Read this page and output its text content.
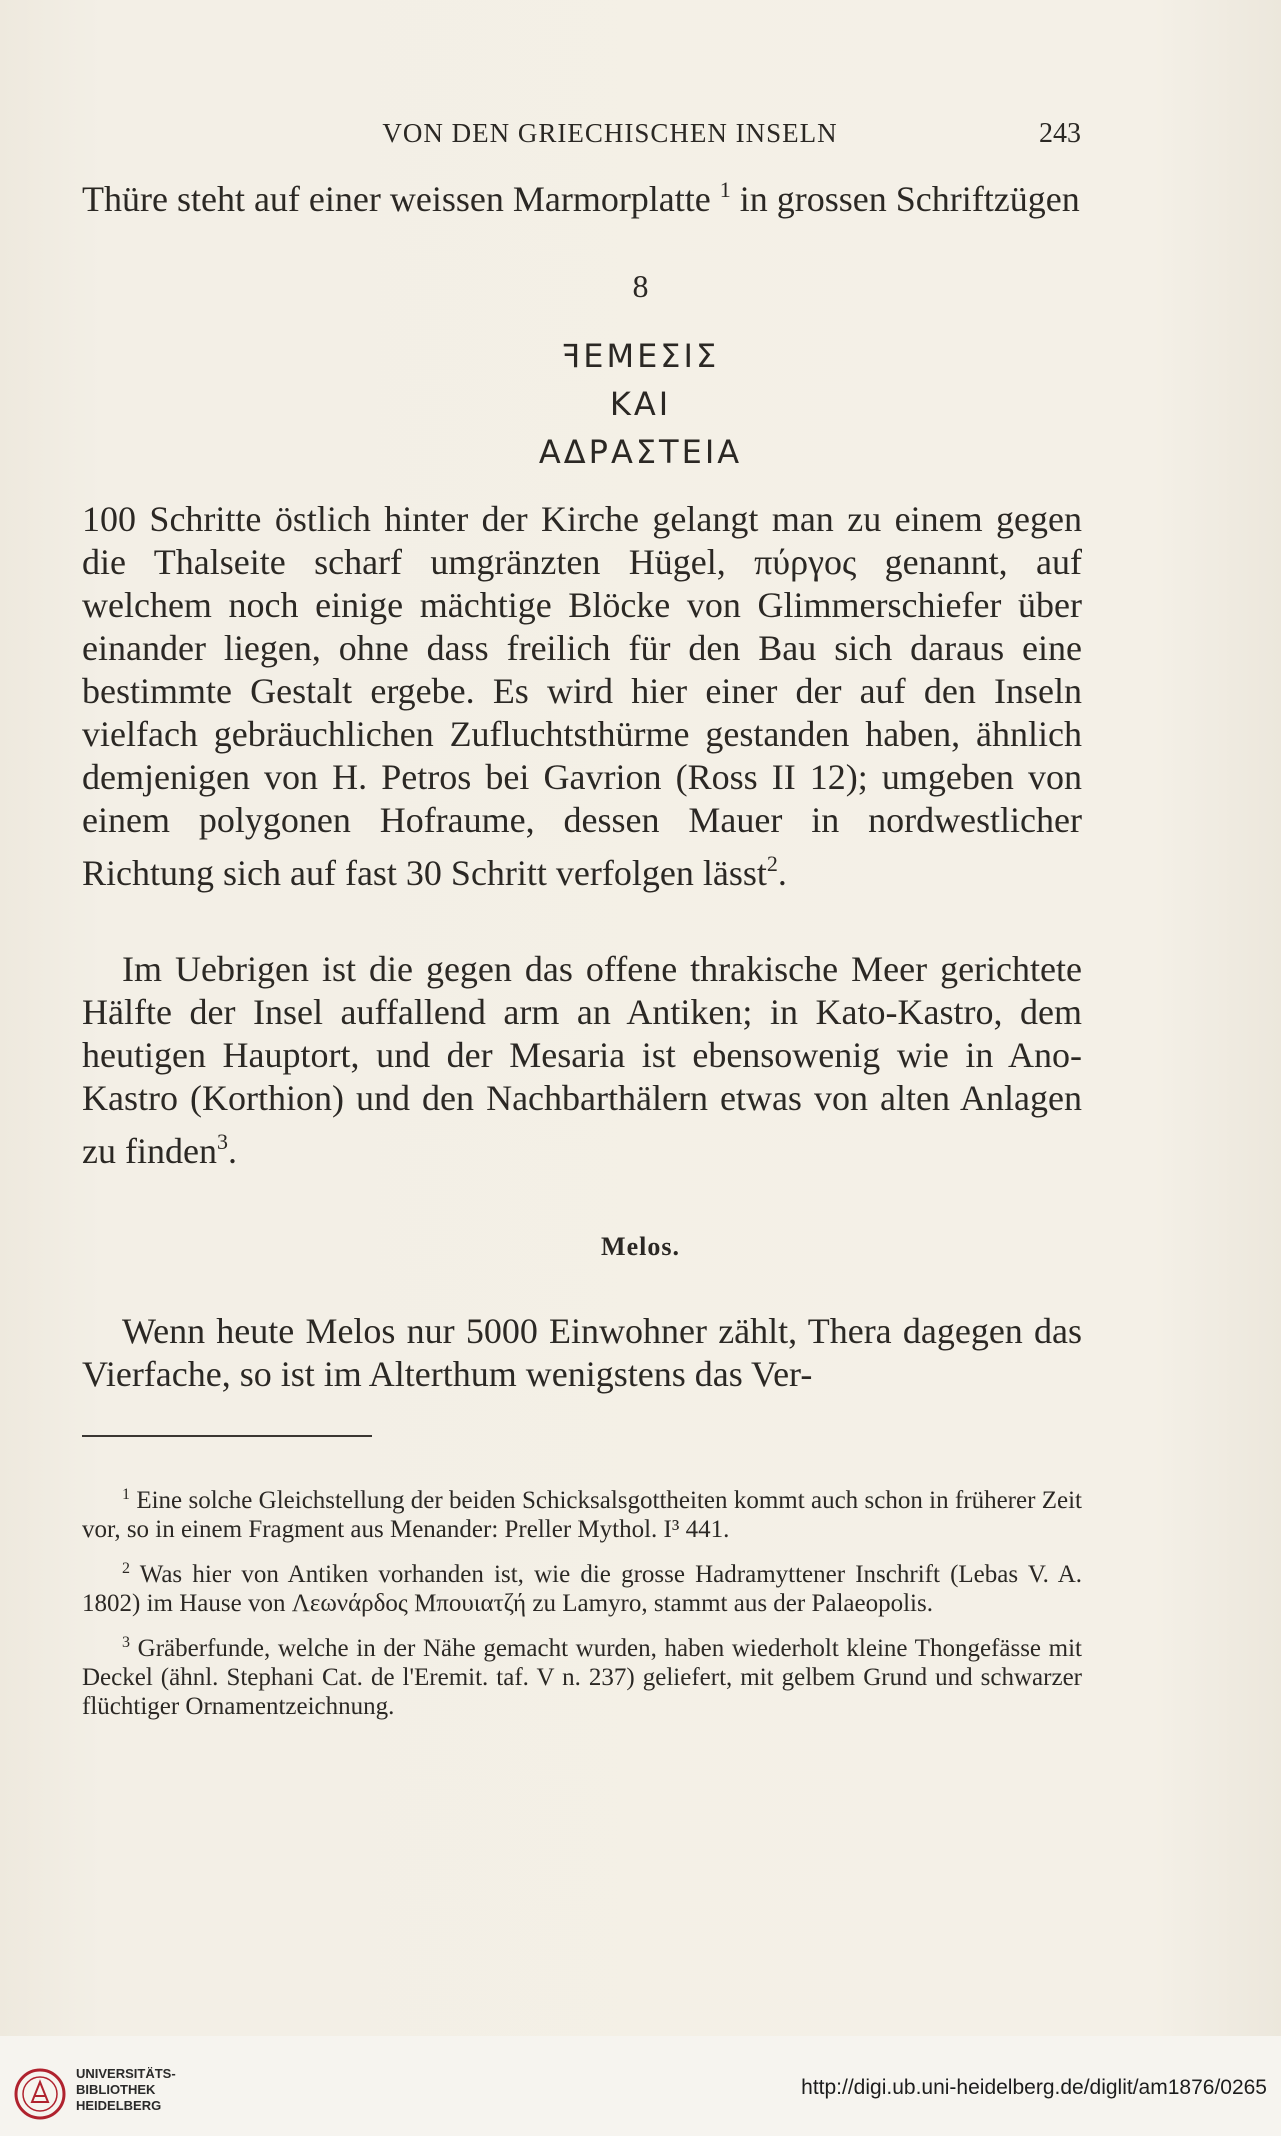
VON DEN GRIECHISCHEN INSELN	243

Thüre steht auf einer weissen Marmorplatte $^1$ in grossen Schriftzügen

8
ꟻΕΜΕΣΙΣ
ΚΑΙ
ΑΔΡΑΣΤΕΙΑ

100 Schritte östlich hinter der Kirche gelangt man zu einem gegen die Thalseite scharf umgränzten Hügel, πύργος genannt, auf welchem noch einige mächtige Blöcke von Glimmerschiefer über einander liegen, ohne dass freilich für den Bau sich daraus eine bestimmte Gestalt ergebe. Es wird hier einer der auf den Inseln vielfach gebräuchlichen Zufluchtsthürme gestanden haben, ähnlich demjenigen von H. Petros bei Gavrion (Ross II 12); umgeben von einem polygonen Hofraume, dessen Mauer in nordwestlicher Richtung sich auf fast 30 Schritt verfolgen lässt$^2$.

Im Uebrigen ist die gegen das offene thrakische Meer gerichtete Hälfte der Insel auffallend arm an Antiken; in Kato-Kastro, dem heutigen Hauptort, und der Mesaria ist ebensowenig wie in Ano-Kastro (Korthion) und den Nachbarthälern etwas von alten Anlagen zu finden$^3$.

Melos.

Wenn heute Melos nur 5000 Einwohner zählt, Thera dagegen das Vierfache, so ist im Alterthum wenigstens das Ver-

$^1$ Eine solche Gleichstellung der beiden Schicksalsgottheiten kommt auch schon in früherer Zeit vor, so in einem Fragment aus Menander: Preller Mythol. I³ 441.

$^2$ Was hier von Antiken vorhanden ist, wie die grosse Hadramyttener Inschrift (Lebas V. A. 1802) im Hause von Λεωνάρδος Μπουιατζή zu Lamyro, stammt aus der Palaeopolis.

$^3$ Gräberfunde, welche in der Nähe gemacht wurden, haben wiederholt kleine Thongefässe mit Deckel (ähnl. Stephani Cat. de l'Eremit. taf. V n. 237) geliefert, mit gelbem Grund und schwarzer flüchtiger Ornamentzeichnung.

UNIVERSITÄTS-
BIBLIOTHEK
HEIDELBERG
http://digi.ub.uni-heidelberg.de/diglit/am1876/0265
